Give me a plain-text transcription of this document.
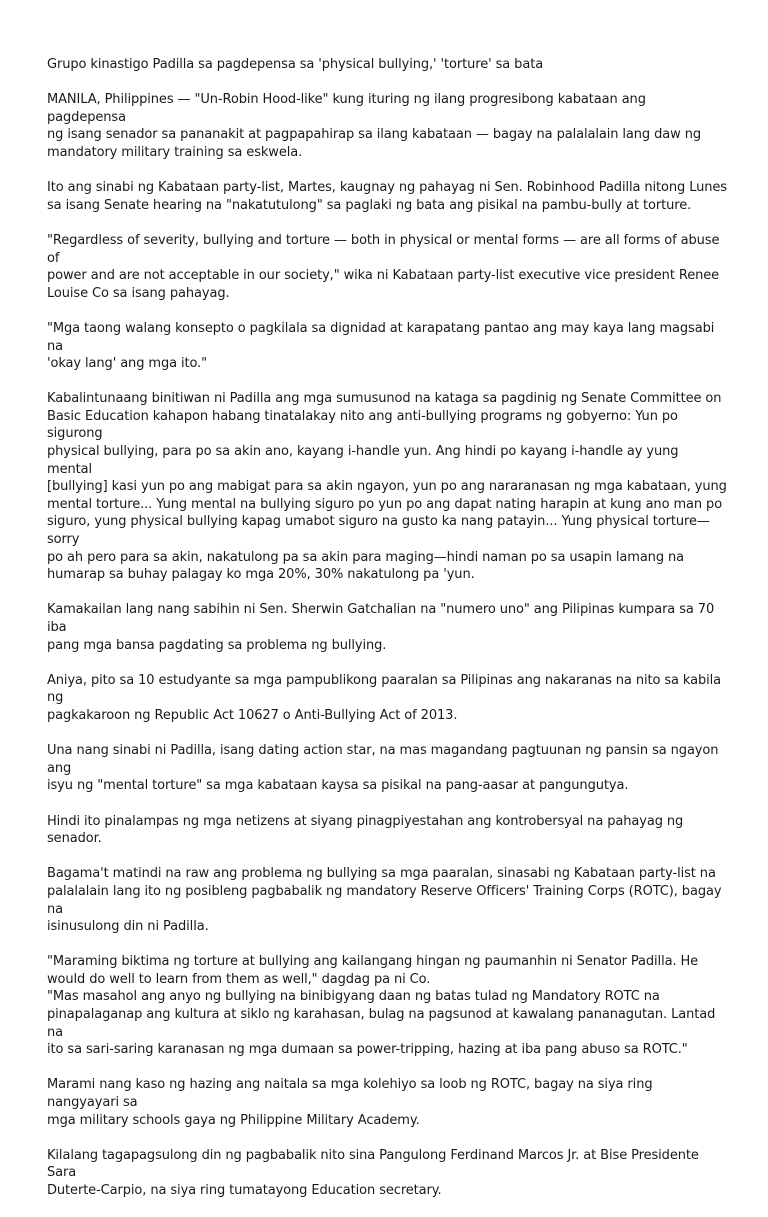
Grupo kinastigo Padilla sa pagdepensa sa 'physical bullying,' 'torture' sa bata

MANILA, Philippines — "Un-Robin Hood-like" kung ituring ng ilang progresibong kabataan ang pagdepensa
ng isang senador sa pananakit at pagpapahirap sa ilang kabataan — bagay na palalalain lang daw ng
mandatory military training sa eskwela.

Ito ang sinabi ng Kabataan party-list, Martes, kaugnay ng pahayag ni Sen. Robinhood Padilla nitong Lunes
sa isang Senate hearing na "nakatutulong" sa paglaki ng bata ang pisikal na pambu-bully at torture.

"Regardless of severity, bullying and torture — both in physical or mental forms — are all forms of abuse of
power and are not acceptable in our society," wika ni Kabataan party-list executive vice president Renee
Louise Co sa isang pahayag.

"Mga taong walang konsepto o pagkilala sa dignidad at karapatang pantao ang may kaya lang magsabi na
'okay lang' ang mga ito."

Kabalintunaang binitiwan ni Padilla ang mga sumusunod na kataga sa pagdinig ng Senate Committee on
Basic Education kahapon habang tinatalakay nito ang anti-bullying programs ng gobyerno: Yun po sigurong
physical bullying, para po sa akin ano, kayang i-handle yun. Ang hindi po kayang i-handle ay yung mental
[bullying] kasi yun po ang mabigat para sa akin ngayon, yun po ang nararanasan ng mga kabataan, yung
mental torture... Yung mental na bullying siguro po yun po ang dapat nating harapin at kung ano man po
siguro, yung physical bullying kapag umabot siguro na gusto ka nang patayin... Yung physical torture—sorry
po ah pero para sa akin, nakatulong pa sa akin para maging—hindi naman po sa usapin lamang na
humarap sa buhay palagay ko mga 20%, 30% nakatulong pa 'yun.

Kamakailan lang nang sabihin ni Sen. Sherwin Gatchalian na "numero uno" ang Pilipinas kumpara sa 70 iba
pang mga bansa pagdating sa problema ng bullying.

Aniya, pito sa 10 estudyante sa mga pampublikong paaralan sa Pilipinas ang nakaranas na nito sa kabila ng
pagkakaroon ng Republic Act 10627 o Anti-Bullying Act of 2013.

Una nang sinabi ni Padilla, isang dating action star, na mas magandang pagtuunan ng pansin sa ngayon ang
isyu ng "mental torture" sa mga kabataan kaysa sa pisikal na pang-aasar at pangungutya.

Hindi ito pinalampas ng mga netizens at siyang pinagpiyestahan ang kontrobersyal na pahayag ng senador.

Bagama't matindi na raw ang problema ng bullying sa mga paaralan, sinasabi ng Kabataan party-list na
palalalain lang ito ng posibleng pagbabalik ng mandatory Reserve Officers' Training Corps (ROTC), bagay na
isinusulong din ni Padilla.

"Maraming biktima ng torture at bullying ang kailangang hingan ng paumanhin ni Senator Padilla. He
would do well to learn from them as well," dagdag pa ni Co.

"Mas masahol ang anyo ng bullying na binibigyang daan ng batas tulad ng Mandatory ROTC na
pinapalaganap ang kultura at siklo ng karahasan, bulag na pagsunod at kawalang pananagutan. Lantad na
ito sa sari-saring karanasan ng mga dumaan sa power-tripping, hazing at iba pang abuso sa ROTC."

Marami nang kaso ng hazing ang naitala sa mga kolehiyo sa loob ng ROTC, bagay na siya ring nangyayari sa
mga military schools gaya ng Philippine Military Academy.

Kilalang tagapagsulong din ng pagbabalik nito sina Pangulong Ferdinand Marcos Jr. at Bise Presidente Sara
Duterte-Carpio, na siya ring tumatayong Education secretary.
